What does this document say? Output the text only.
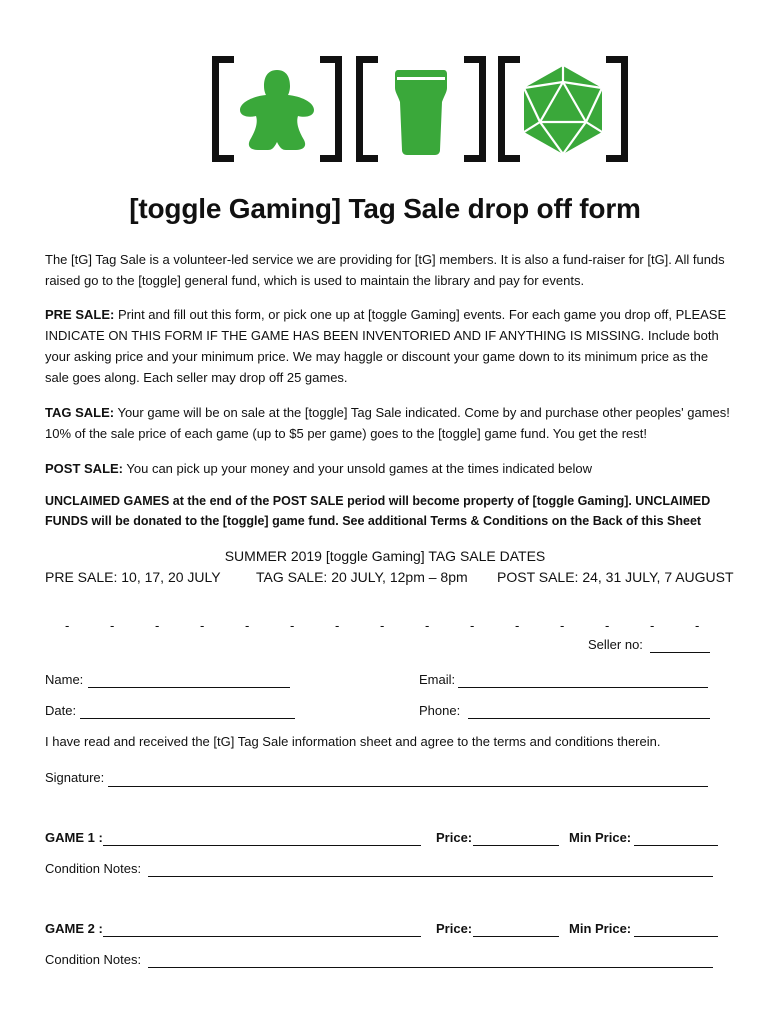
[toggle Gaming] Tag Sale drop off form

The [tG] Tag Sale is a volunteer-led service we are providing for [tG] members. It is also a fund-raiser for [tG]. All funds raised go to the [toggle] general fund, which is used to maintain the library and pay for events.

PRE SALE: Print and fill out this form, or pick one up at [toggle Gaming] events. For each game you drop off, PLEASE INDICATE ON THIS FORM IF THE GAME HAS BEEN INVENTORIED AND IF ANYTHING IS MISSING. Include both your asking price and your minimum price. We may haggle or discount your game down to its minimum price as the sale goes along. Each seller may drop off 25 games.

TAG SALE: Your game will be on sale at the [toggle] Tag Sale indicated. Come by and purchase other peoples' games! 10% of the sale price of each game (up to $5 per game) goes to the [toggle] game fund. You get the rest!

POST SALE: You can pick up your money and your unsold games at the times indicated below

UNCLAIMED GAMES at the end of the POST SALE period will become property of [toggle Gaming]. UNCLAIMED FUNDS will be donated to the [toggle] game fund. See additional Terms & Conditions on the Back of this Sheet

SUMMER 2019 [toggle Gaming] TAG SALE DATES
PRE SALE: 10, 17, 20 JULY	TAG SALE: 20 JULY, 12pm – 8pm POST SALE: 24, 31 JULY, 7 AUGUST
-	-	-	-	-	-	-	-	-	-	-	-	-	-	-
Seller no:
Name:	Email:
Date:	Phone:
I have read and received the [tG] Tag Sale information sheet and agree to the terms and conditions therein.
Signature:
GAME 1 :	Price:	Min Price:
Condition Notes:
GAME 2 :	Price:	Min Price:
Condition Notes:
